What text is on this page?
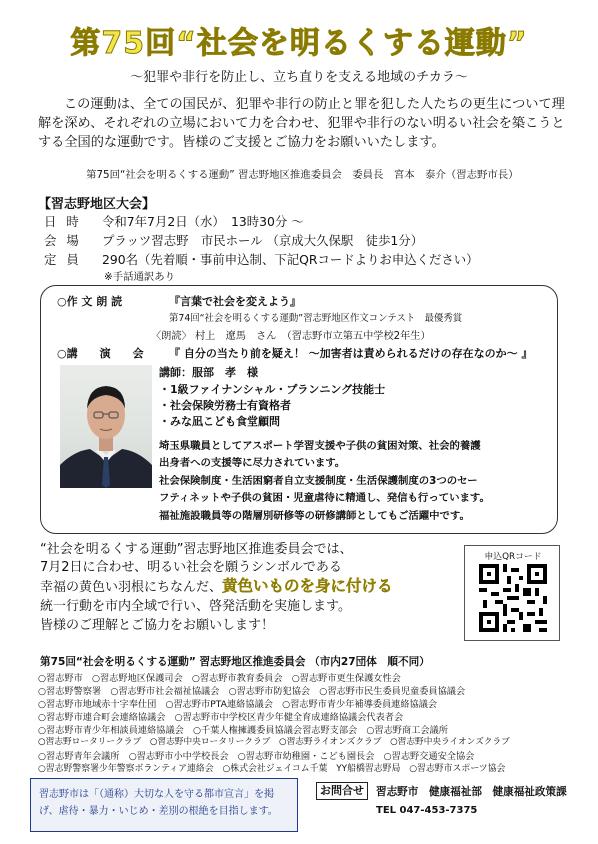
第75回“社会を明るくする運動”
～犯罪や非行を防止し、立ち直りを支える地域のチカラ～
この運動は、全ての国民が、犯罪や非行の防止と罪を犯した人たちの更生について理解を深め、それぞれの立場において力を合わせ、犯罪や非行のない明るい社会を築こうとする全国的な運動です。皆様のご支援とご協力をお願いいたします。
第75回“社会を明るくする運動” 習志野地区推進委員会　委員長　宮本　泰介（習志野市長）
【習志野地区大会】
日時	令和7年7月2日（水）　13時30分 ～
会場	プラッツ習志野　市民ホール （京成大久保駅　徒歩1分）
定員	290名（先着順・事前申込制、下記QRコードよりお申込ください）
※手話通訳あり
○作 文 朗 読	『言葉で社会を変えよう』
第74回“社会を明るくする運動”習志野地区作文コンテスト　最優秀賞
〈朗読〉 村上　遼馬　さん　（習志野市立第五中学校2年生）
○講　　演　　会 『 自分の当たり前を疑え！ ～加害者は責められるだけの存在なのか～ 』
講師：服部　孝　様
・1級ファイナンシャル・プランニング技能士
・社会保険労務士有資格者
・みな凪こども食堂顧問
埼玉県職員としてアスポート学習支援や子供の貧困対策、社会的養護
出身者への支援等に尽力されています。
社会保険制度・生活困窮者自立支援制度・生活保護制度の3つのセー
フティネットや子供の貧困・児童虐待に精通し、発信も行っています。
福祉施設職員等の階層別研修等の研修講師としてもご活躍中です。
“社会を明るくする運動”習志野地区推進委員会では、
7月2日に合わせ、明るい社会を願うシンボルである
幸福の黄色い羽根にちなんだ、黄色いものを身に付ける
統一行動を市内全域で行い、啓発活動を実施します。
皆様のご理解とご協力をお願いします！
申込QRコード
第75回“社会を明るくする運動” 習志野地区推進委員会 （市内27団体　順不同）
○習志野市　○習志野地区保護司会　○習志野市教育委員会　○習志野市更生保護女性会
○習志野警察署　○習志野市社会福祉協議会　○習志野市防犯協会　○習志野市民生委員児童委員協議会
○習志野市地域赤十字奉仕団　○習志野市PTA連絡協議会　○習志野市青少年補導委員連絡協議会
○習志野市連合町会連絡協議会　○習志野市中学校区青少年健全育成連絡協議会代表者会
○習志野市青少年相談員連絡協議会　○千葉人権擁護委員協議会習志野支部会　○習志野商工会議所
○習志野ロータリークラブ　○習志野中央ロータリークラブ　○習志野ライオンズクラブ　○習志野中央ライオンズクラブ
○習志野青年会議所　○習志野市小中学校長会　○習志野市幼稚園・こども園長会　○習志野交通安全協会
○習志野警察署少年警察ボランティア連絡会　○株式会社ジェイコム千葉　YY船橋習志野局　○習志野市スポーツ協会
習志野市は「（通称）大切な人を守る都市宣言」を掲げ、虐待・暴力・いじめ・差別の根絶を目指します。
お問合せ	習志野市　健康福祉部　健康福祉政策課
TEL 047-453-7375
